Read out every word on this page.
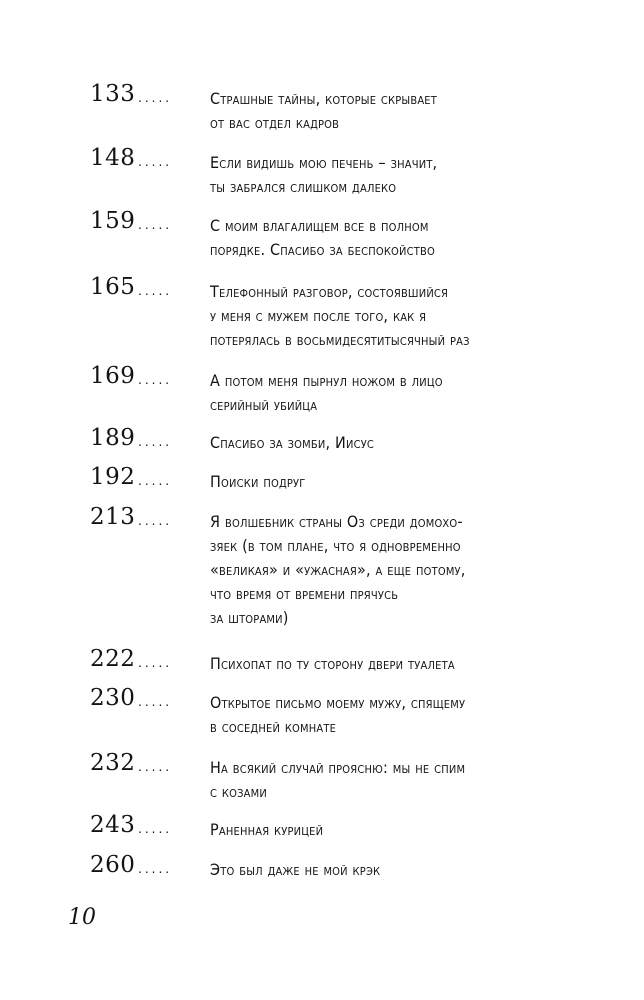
133 ..... Страшные тайны, которые скрывает
от вас отдел кадров
148 ..... Если видишь мою печень – значит,
ты забрался слишком далеко
159 ..... С моим влагалищем все в полном
порядке. Спасибо за беспокойство
165 ..... Телефонный разговор, состоявшийся
у меня с мужем после того, как я
потерялась в восьмидесятитысячный раз
169 ..... А потом меня пырнул ножом в лицо
серийный убийца
189 ..... Спасибо за зомби, Иисус
192 ..... Поиски подруг
213 ..... Я волшебник страны Оз среди домохо-
зяек (в том плане, что я одновременно
«великая» и «ужасная», а еще потому,
что время от времени прячусь
за шторами)
222 ..... Психопат по ту сторону двери туалета
230 ..... Открытое письмо моему мужу, спящему
в соседней комнате
232 ..... На всякий случай проясню: мы не спим
с козами
243 ..... Раненная курицей
260 ..... Это был даже не мой крэк
10
